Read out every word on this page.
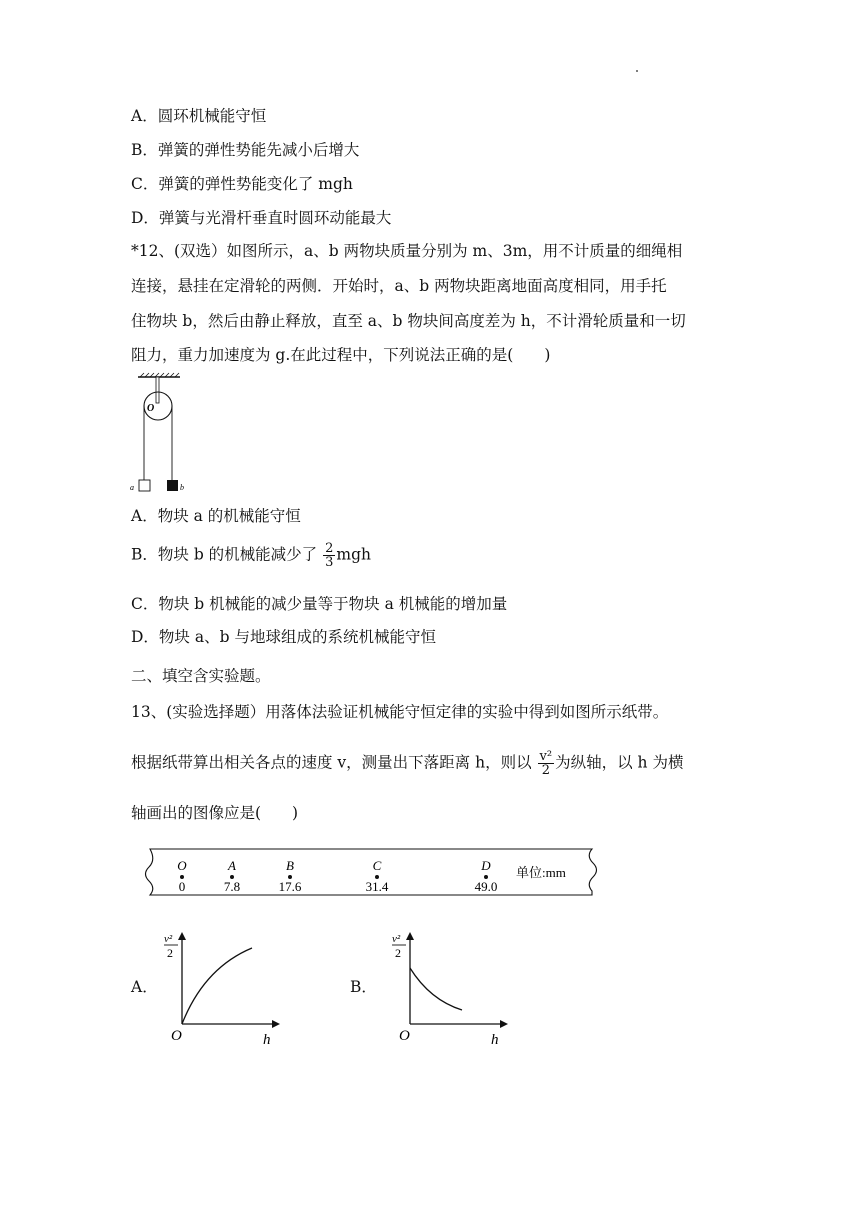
A．圆环机械能守恒
B．弹簧的弹性势能先减小后增大
C．弹簧的弹性势能变化了 mgh
D．弹簧与光滑杆垂直时圆环动能最大
*12、(双选）如图所示，a、b 两物块质量分别为 m、3m，用不计质量的细绳相
连接，悬挂在定滑轮的两侧．开始时，a、b 两物块距离地面高度相同，用手托
住物块 b，然后由静止释放，直至 a、b 物块间高度差为 h，不计滑轮质量和一切
阻力，重力加速度为 g.在此过程中，下列说法正确的是(　　)
O
a	b
A．物块 a 的机械能守恒
B．物块 b 的机械能减少了 $\frac{2}{3}$ mgh
C．物块 b 机械能的减少量等于物块 a 机械能的增加量
D．物块 a、b 与地球组成的系统机械能守恒
二、填空含实验题。
13、(实验选择题）用落体法验证机械能守恒定律的实验中得到如图所示纸带。
根据纸带算出相关各点的速度 v，测量出下落距离 h，则以 $\frac{\text{v²}}{2}$ 为纵轴，以 h 为横
轴画出的图像应是(　　)
O
0
A
7.8
B
17.6
C
31.4
D
49.0
单位:mm
A．
v²
2
O	h
B．
v²
2
O	h
